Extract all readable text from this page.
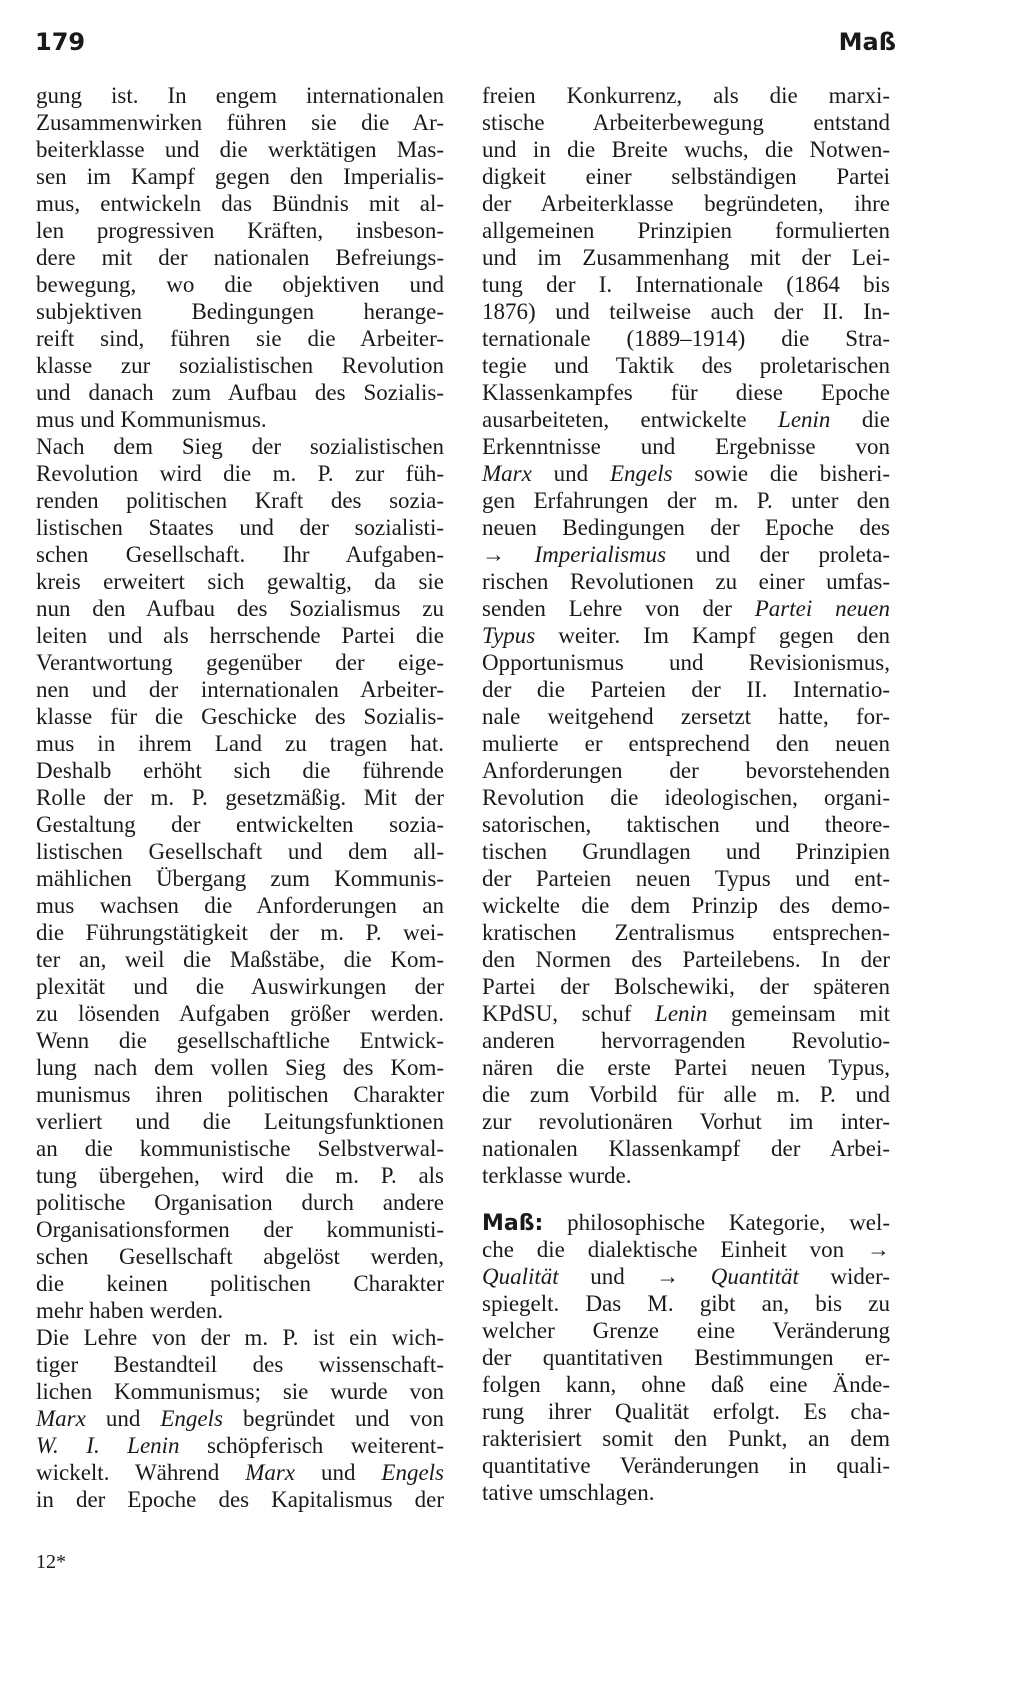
179	Maß
gung ist. In engem internationalen
Zusammenwirken führen sie die Ar-
beiterklasse und die werktätigen Mas-
sen im Kampf gegen den Imperialis-
mus, entwickeln das Bündnis mit al-
len progressiven Kräften, insbeson-
dere mit der nationalen Befreiungs-
bewegung, wo die objektiven und
subjektiven Bedingungen herange-
reift sind, führen sie die Arbeiter-
klasse zur sozialistischen Revolution
und danach zum Aufbau des Sozialis-
mus und Kommunismus.
Nach dem Sieg der sozialistischen
Revolution wird die m. P. zur füh-
renden politischen Kraft des sozia-
listischen Staates und der sozialisti-
schen Gesellschaft. Ihr Aufgaben-
kreis erweitert sich gewaltig, da sie
nun den Aufbau des Sozialismus zu
leiten und als herrschende Partei die
Verantwortung gegenüber der eige-
nen und der internationalen Arbeiter-
klasse für die Geschicke des Sozialis-
mus in ihrem Land zu tragen hat.
Deshalb erhöht sich die führende
Rolle der m. P. gesetzmäßig. Mit der
Gestaltung der entwickelten sozia-
listischen Gesellschaft und dem all-
mählichen Übergang zum Kommunis-
mus wachsen die Anforderungen an
die Führungstätigkeit der m. P. wei-
ter an, weil die Maßstäbe, die Kom-
plexität und die Auswirkungen der
zu lösenden Aufgaben größer werden.
Wenn die gesellschaftliche Entwick-
lung nach dem vollen Sieg des Kom-
munismus ihren politischen Charakter
verliert und die Leitungsfunktionen
an die kommunistische Selbstverwal-
tung übergehen, wird die m. P. als
politische Organisation durch andere
Organisationsformen der kommunisti-
schen Gesellschaft abgelöst werden,
die keinen politischen Charakter
mehr haben werden.
Die Lehre von der m. P. ist ein wich-
tiger Bestandteil des wissenschaft-
lichen Kommunismus; sie wurde von
Marx und Engels begründet und von
W. I. Lenin schöpferisch weiterent-
wickelt. Während Marx und Engels
in der Epoche des Kapitalismus der
freien Konkurrenz, als die marxi-
stische Arbeiterbewegung entstand
und in die Breite wuchs, die Notwen-
digkeit einer selbständigen Partei
der Arbeiterklasse begründeten, ihre
allgemeinen Prinzipien formulierten
und im Zusammenhang mit der Lei-
tung der I. Internationale (1864 bis
1876) und teilweise auch der II. In-
ternationale (1889–1914) die Stra-
tegie und Taktik des proletarischen
Klassenkampfes für diese Epoche
ausarbeiteten, entwickelte Lenin die
Erkenntnisse und Ergebnisse von
Marx und Engels sowie die bisheri-
gen Erfahrungen der m. P. unter den
neuen Bedingungen der Epoche des
→ Imperialismus und der proleta-
rischen Revolutionen zu einer umfas-
senden Lehre von der Partei neuen
Typus weiter. Im Kampf gegen den
Opportunismus und Revisionismus,
der die Parteien der II. Internatio-
nale weitgehend zersetzt hatte, for-
mulierte er entsprechend den neuen
Anforderungen der bevorstehenden
Revolution die ideologischen, organi-
satorischen, taktischen und theore-
tischen Grundlagen und Prinzipien
der Parteien neuen Typus und ent-
wickelte die dem Prinzip des demo-
kratischen Zentralismus entsprechen-
den Normen des Parteilebens. In der
Partei der Bolschewiki, der späteren
KPdSU, schuf Lenin gemeinsam mit
anderen hervorragenden Revolutio-
nären die erste Partei neuen Typus,
die zum Vorbild für alle m. P. und
zur revolutionären Vorhut im inter-
nationalen Klassenkampf der Arbei-
terklasse wurde.
Maß: philosophische Kategorie, wel-
che die dialektische Einheit von →
Qualität und → Quantität wider-
spiegelt. Das M. gibt an, bis zu
welcher Grenze eine Veränderung
der quantitativen Bestimmungen er-
folgen kann, ohne daß eine Ände-
rung ihrer Qualität erfolgt. Es cha-
rakterisiert somit den Punkt, an dem
quantitative Veränderungen in quali-
tative umschlagen.
12*
